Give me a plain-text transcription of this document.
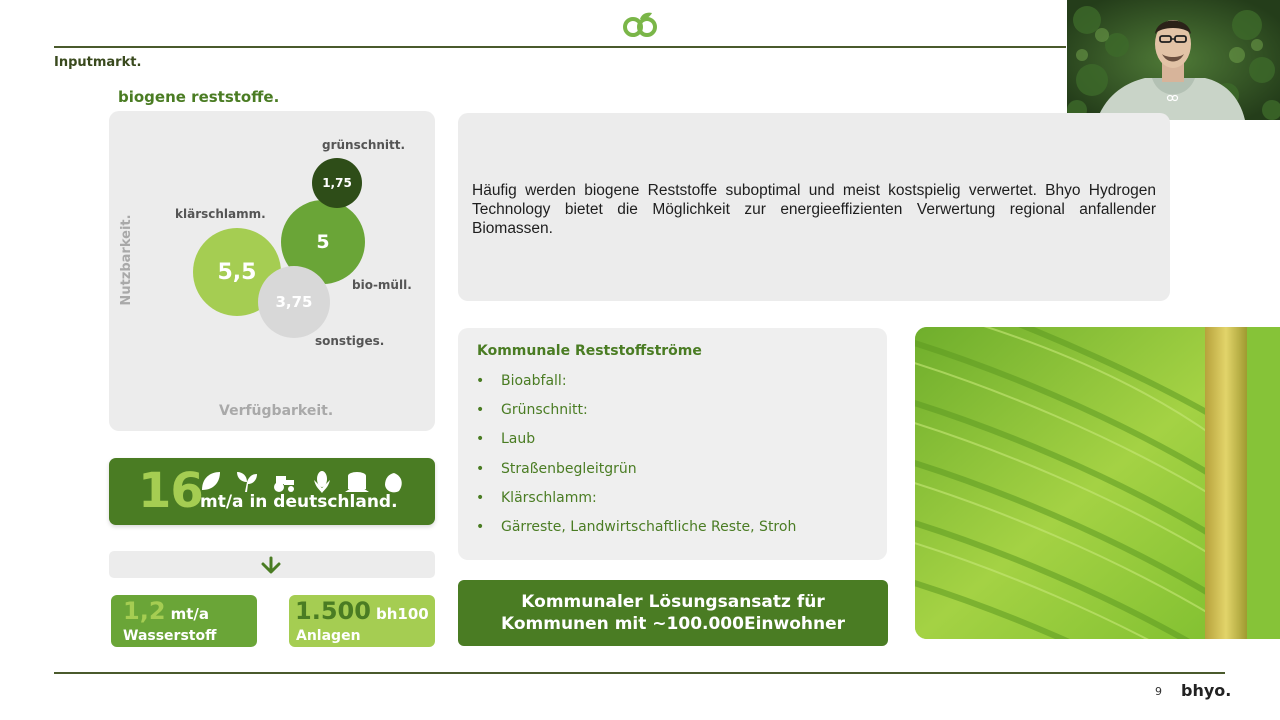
Inputmarkt.
biogene reststoffe.
Nutzbarkeit.
Verfügbarkeit.
5,5
5
3,75
1,75
grünschnitt.
klärschlamm.
bio-müll.
sonstiges.
16
mt/a in deutschland.
1,2 mt/a
Wasserstoff
1.500 bh100
Anlagen
Häufig werden biogene Reststoffe suboptimal und meist kostspielig verwertet. Bhyo Hydrogen Technology bietet die Möglichkeit zur energieeffizienten Verwertung regional anfallender Biomassen.
Kommunale Reststoffströme
•	Bioabfall:
•	Grünschnitt:
•	Laub
•	Straßenbegleitgrün
•	Klärschlamm:
•	Gärreste, Landwirtschaftliche Reste, Stroh
Kommunaler Lösungsansatz für
Kommunen mit ~100.000Einwohner
9 bhyo.
